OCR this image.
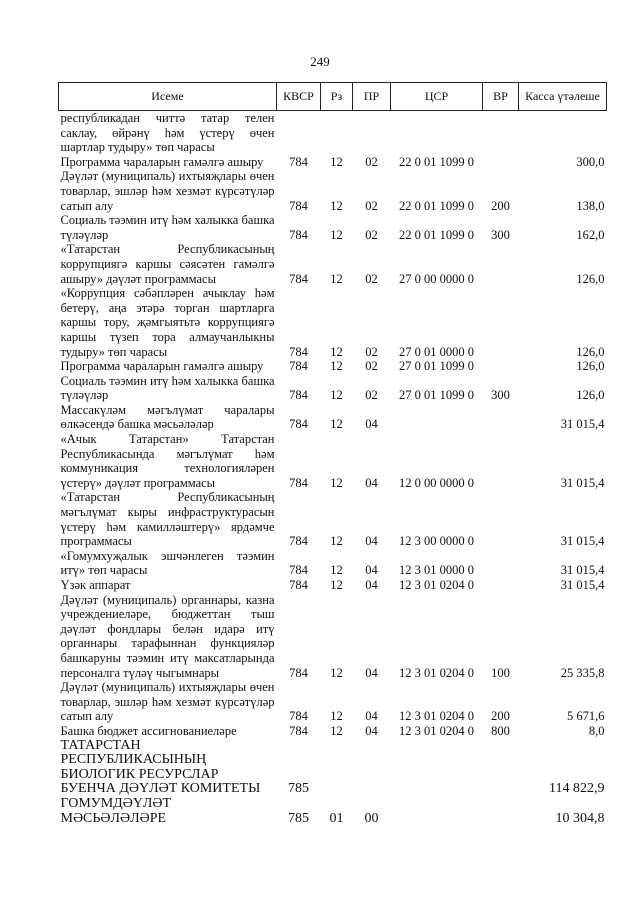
249
Исеме	КВСР	Рз	ПР	ЦСР	ВР	Касса үтәлеше
республикадан читтә татар телен саклау, өйрәнү һәм үстерү өчен шартлар тудыру» төп чарасы						
Программа чараларын гамәлгә ашыру	784	12	02	22 0 01 1099 0		300,0
Дәүләт (муниципаль) ихтыяҗлары өчен товарлар, эшләр һәм хезмәт күрсәтүләр сатып алу	784	12	02	22 0 01 1099 0	200	138,0
Социаль тәэмин итү һәм халыкка башка түләүләр	784	12	02	22 0 01 1099 0	300	162,0
«Татарстан Республикасының коррупциягә каршы сәясәтен гамәлгә ашыру» дәүләт программасы	784	12	02	27 0 00 0000 0		126,0
«Коррупция сәбәпләрен ачыклау һәм бетерү, аңа этәрә торган шартларга каршы тору, җәмгыятьтә коррупциягә каршы түзеп тора алмаучанлыкны тудыру» төп чарасы	784	12	02	27 0 01 0000 0		126,0
Программа чараларын гамәлгә ашыру	784	12	02	27 0 01 1099 0		126,0
Социаль тәэмин итү һәм халыкка башка түләүләр	784	12	02	27 0 01 1099 0	300	126,0
Массакүләм мәгълүмат чаралары өлкәсендә башка мәсьәләләр	784	12	04			31 015,4
«Ачык Татарстан» Татарстан Республикасында мәгълүмат һәм коммуникация технологияләрен үстерү» дәүләт программасы	784	12	04	12 0 00 0000 0		31 015,4
«Татарстан Республикасының мәгълүмат кыры инфраструктурасын үстерү һәм камилләштерү» ярдәмче программасы	784	12	04	12 3 00 0000 0		31 015,4
«Гомумхуҗалык эшчәнлеген тәэмин итү» төп чарасы	784	12	04	12 3 01 0000 0		31 015,4
Үзәк аппарат	784	12	04	12 3 01 0204 0		31 015,4
Дәүләт (муниципаль) органнары, казна учреждениеләре, бюджеттан тыш дәүләт фондлары белән идарә итү органнары тарафыннан функцияләр башкаруны тәэмин итү максатларында персоналга түләү чыгымнары	784	12	04	12 3 01 0204 0	100	25 335,8
Дәүләт (муниципаль) ихтыяҗлары өчен товарлар, эшләр һәм хезмәт күрсәтүләр сатып алу	784	12	04	12 3 01 0204 0	200	5 671,6
Башка бюджет ассигнованиеләре	784	12	04	12 3 01 0204 0	800	8,0
ТАТАРСТАН РЕСПУБЛИКАСЫНЫҢ БИОЛОГИК РЕСУРСЛАР БУЕНЧА ДӘҮЛӘТ КОМИТЕТЫ	785					114 822,9
ГОМУМДӘҮЛӘТ МӘСЬӘЛӘЛӘРЕ	785	01	00			10 304,8
